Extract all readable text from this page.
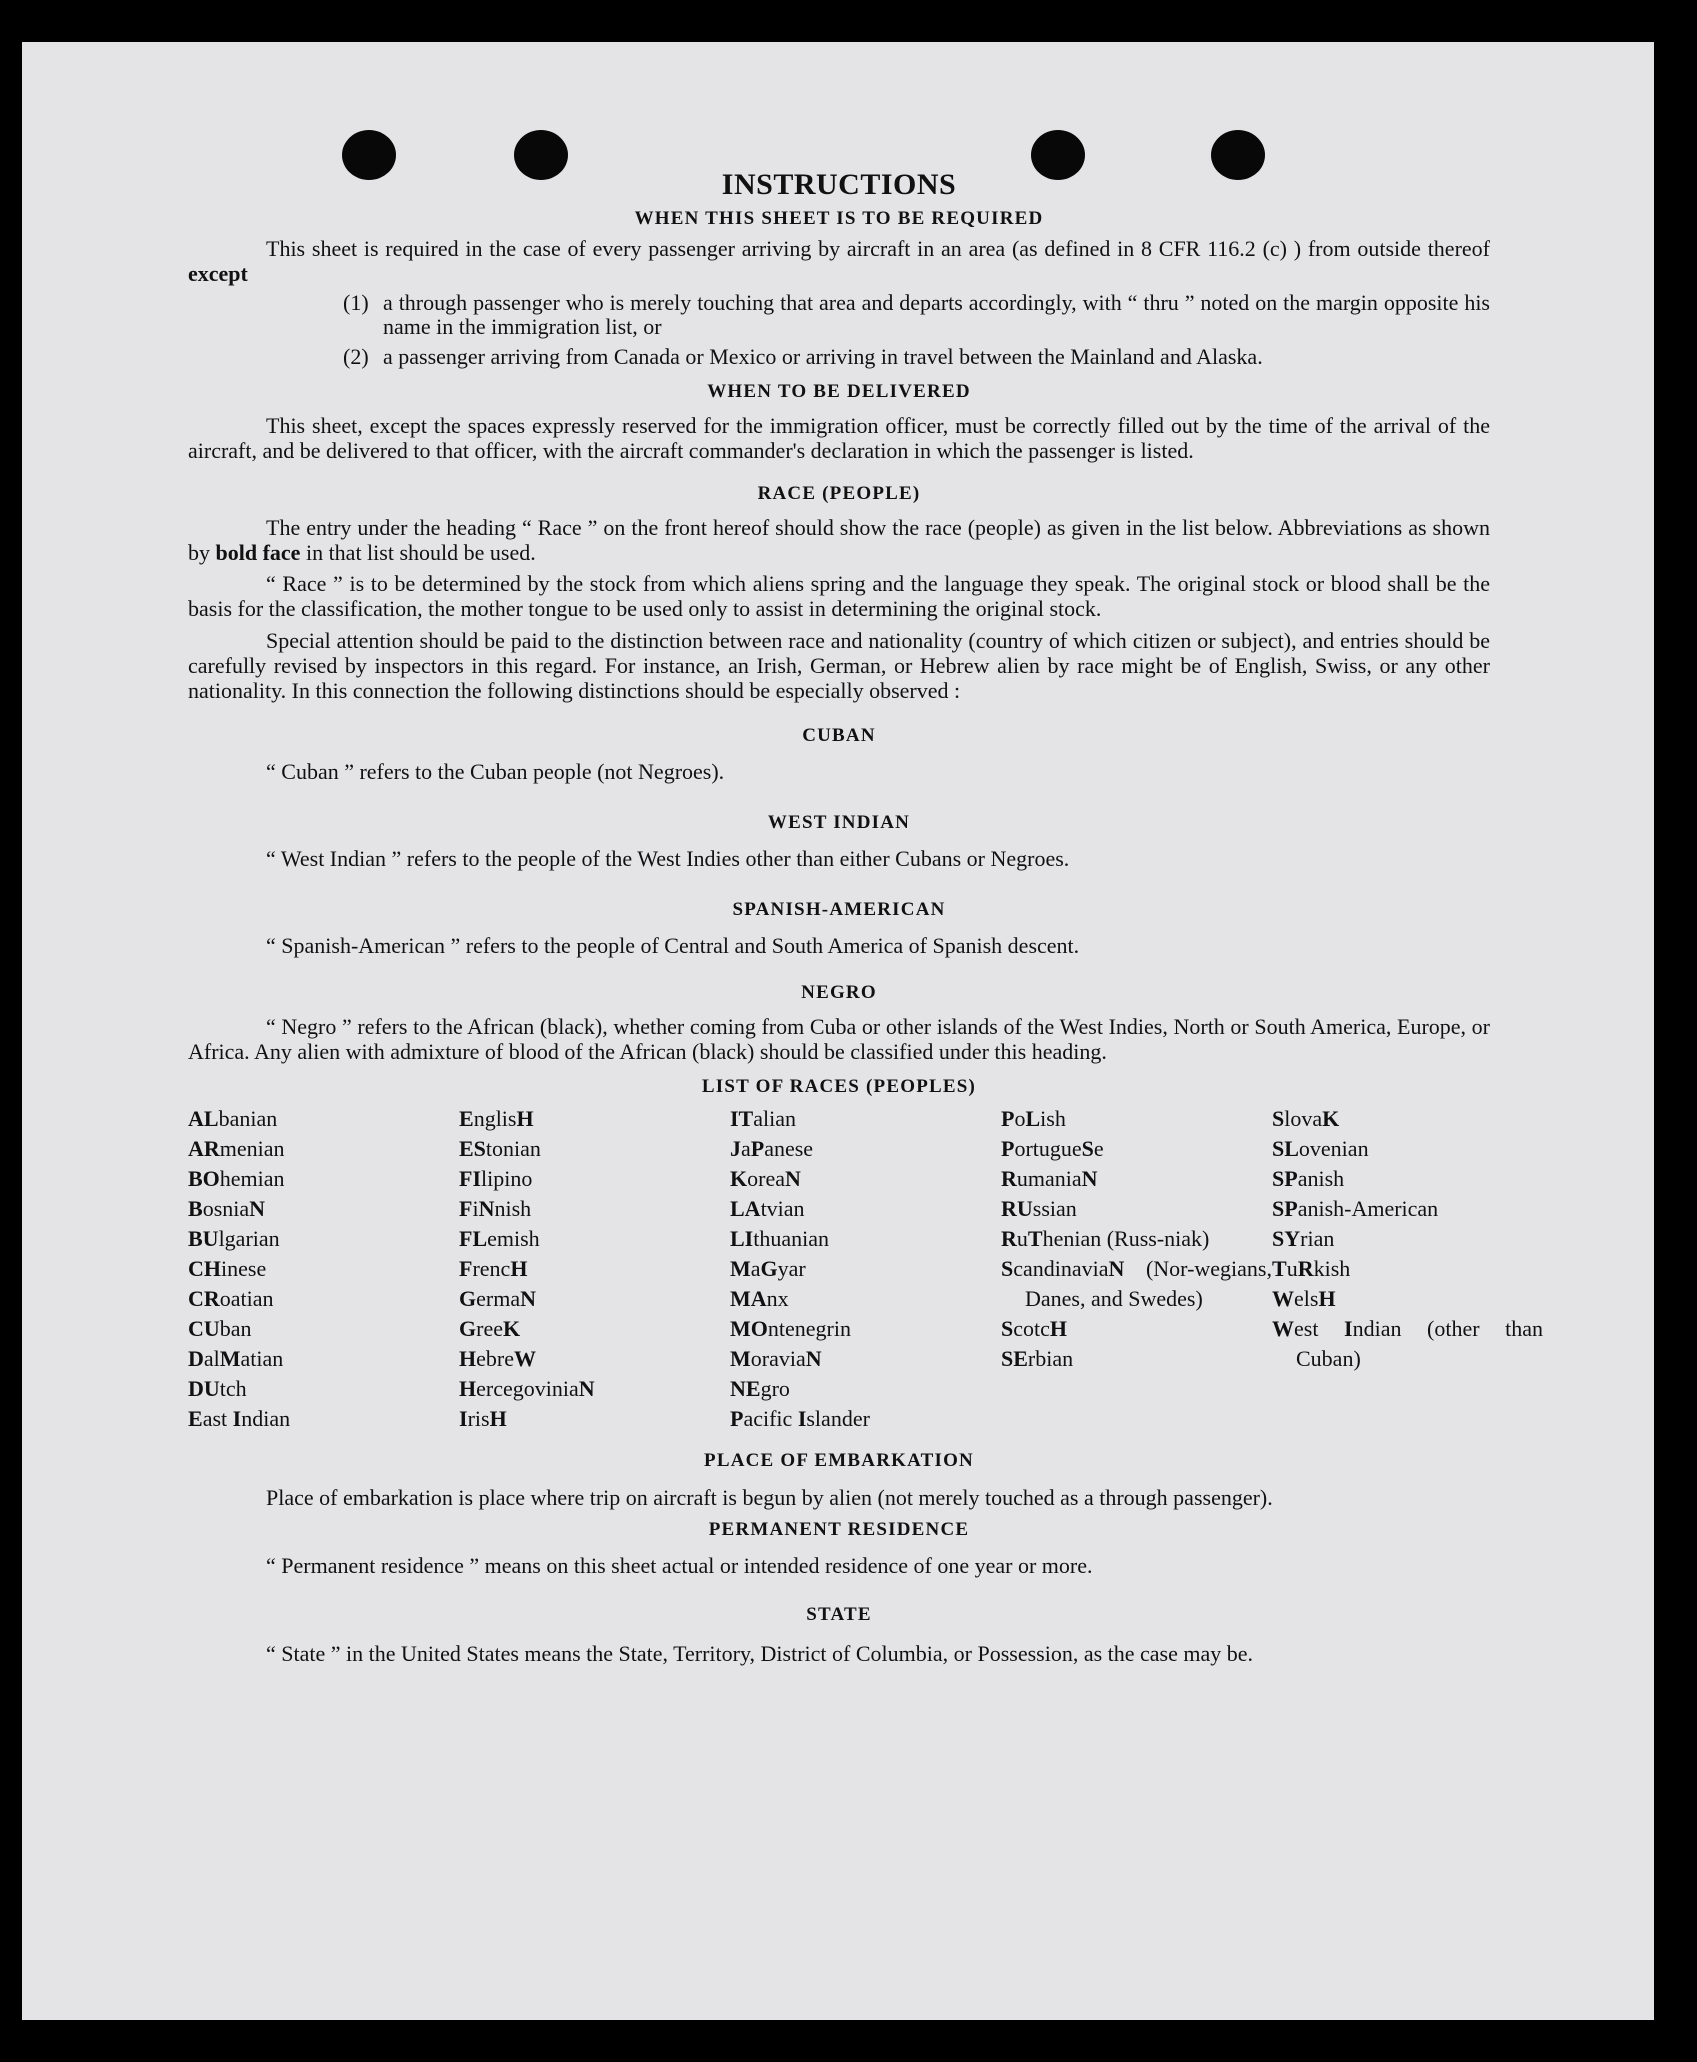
INSTRUCTIONS
WHEN THIS SHEET IS TO BE REQUIRED

This sheet is required in the case of every passenger arriving by aircraft in an area (as defined in 8 CFR 116.2 (c) ) from outside thereof except

(1) a through passenger who is merely touching that area and departs accordingly, with “ thru ” noted on the margin opposite his name in the immigration list, or
(2) a passenger arriving from Canada or Mexico or arriving in travel between the Mainland and Alaska.
WHEN TO BE DELIVERED

This sheet, except the spaces expressly reserved for the immigration officer, must be correctly filled out by the time of the arrival of the aircraft, and be delivered to that officer, with the aircraft commander's declaration in which the passenger is listed.

RACE (PEOPLE)

The entry under the heading “ Race ” on the front hereof should show the race (people) as given in the list below. Abbreviations as shown by bold face in that list should be used.

“ Race ” is to be determined by the stock from which aliens spring and the language they speak. The original stock or blood shall be the basis for the classification, the mother tongue to be used only to assist in determining the original stock.

Special attention should be paid to the distinction between race and nationality (country of which citizen or subject), and entries should be carefully revised by inspectors in this regard. For instance, an Irish, German, or Hebrew alien by race might be of English, Swiss, or any other nationality. In this connection the following distinctions should be especially observed :

CUBAN

“ Cuban ” refers to the Cuban people (not Negroes).

WEST INDIAN

“ West Indian ” refers to the people of the West Indies other than either Cubans or Negroes.

SPANISH-AMERICAN

“ Spanish-American ” refers to the people of Central and South America of Spanish descent.

NEGRO

“ Negro ” refers to the African (black), whether coming from Cuba or other islands of the West Indies, North or South America, Europe, or Africa. Any alien with admixture of blood of the African (black) should be classified under this heading.

LIST OF RACES (PEOPLES)
ALbanian
ARmenian
BOhemian
BosniaN
BUlgarian
CHinese
CRoatian
CUban
DalMatian
DUtch
East Indian
EnglisH
EStonian
FIlipino
FiNnish
FLemish
FrencH
GermaN
GreeK
HebreW
HercegoviniaN
IrisH
ITalian
JaPanese
KoreaN
LAtvian
LIthuanian
MaGyar
MAnx
MOntenegrin
MoraviaN
NEgro
Pacific Islander
PoLish
PortugueSe
RumaniaN
RUssian
RuThenian (Russ-niak)
ScandinaviaN (Nor-wegians, Danes, and Swedes)
ScotcH
SErbian
SlovaK
SLovenian
SPanish
SPanish-American
SYrian
TuRkish
WelsH
West Indian (other than Cuban)
PLACE OF EMBARKATION

Place of embarkation is place where trip on aircraft is begun by alien (not merely touched as a through passenger).

PERMANENT RESIDENCE

“ Permanent residence ” means on this sheet actual or intended residence of one year or more.

STATE

“ State ” in the United States means the State, Territory, District of Columbia, or Possession, as the case may be.
